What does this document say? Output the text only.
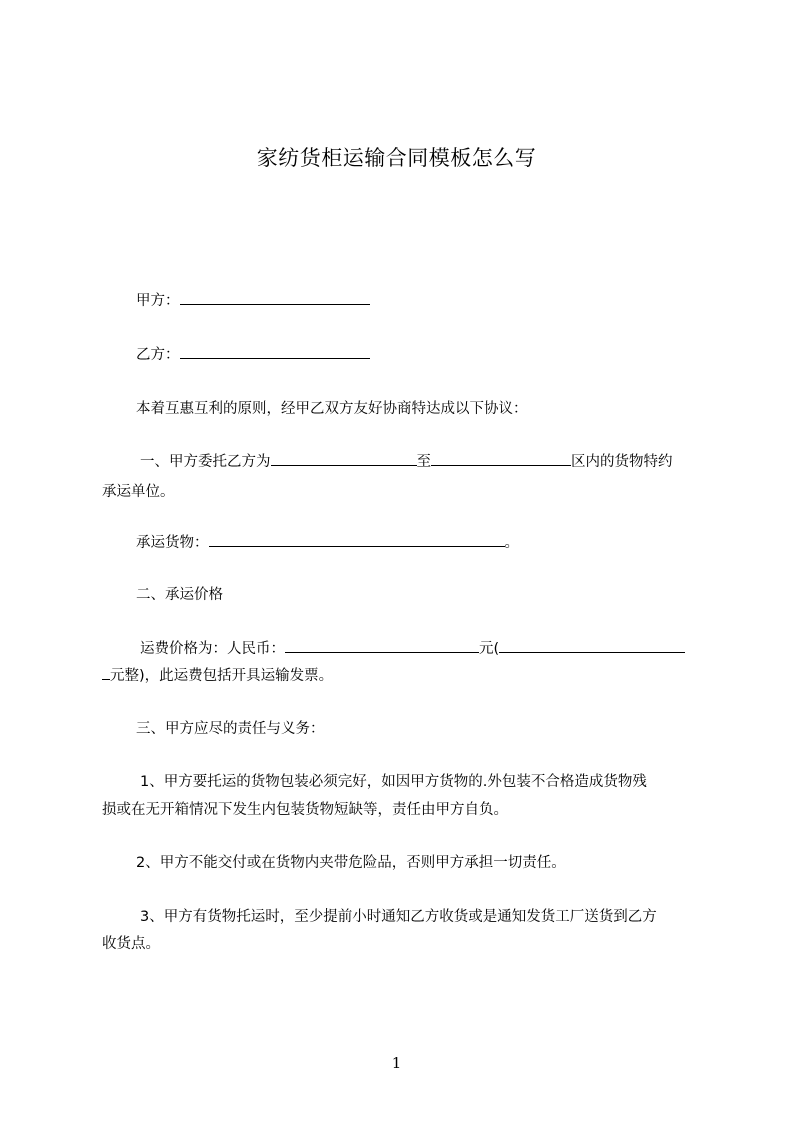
家纺货柜运输合同模板怎么写
甲方：
乙方：
本着互惠互利的原则，经甲乙双方友好协商特达成以下协议：
一、甲方委托乙方为	至	区内的货物特约
承运单位。
承运货物：	。
二、承运价格
运费价格为：人民币：	元(
元整)，此运费包括开具运输发票。
三、甲方应尽的责任与义务：
1、甲方要托运的货物包装必须完好，如因甲方货物的.外包装不合格造成货物残
损或在无开箱情况下发生内包装货物短缺等，责任由甲方自负。
2、甲方不能交付或在货物内夹带危险品，否则甲方承担一切责任。
3、甲方有货物托运时，至少提前小时通知乙方收货或是通知发货工厂送货到乙方
收货点。
1
